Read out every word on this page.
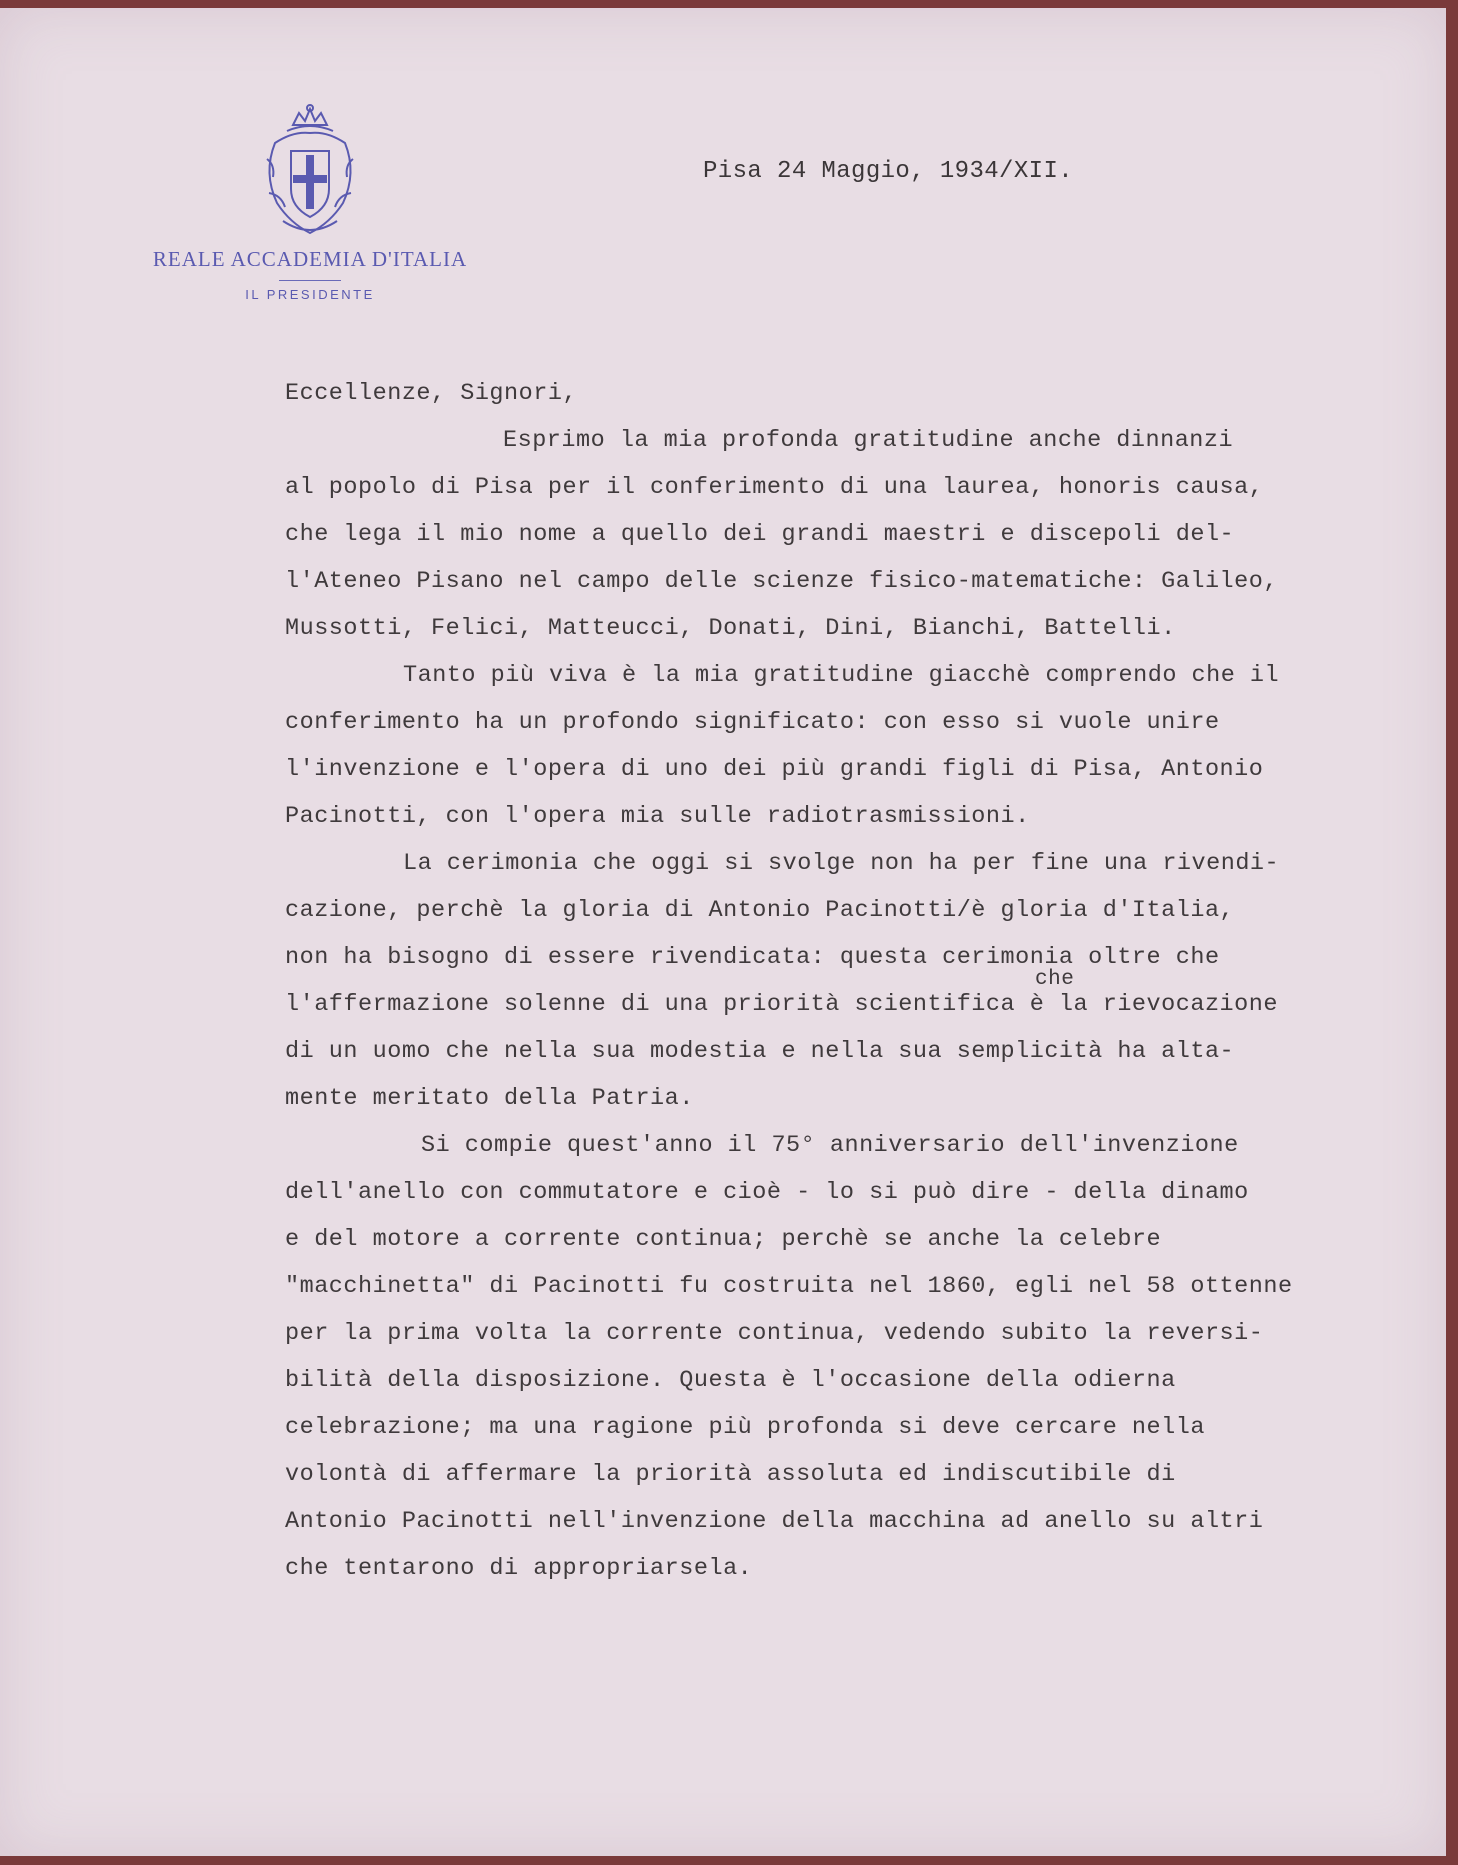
REALE ACCADEMIA D'ITALIA
IL PRESIDENTE
Pisa 24 Maggio, 1934/XII.
Eccellenze, Signori,
Esprimo la mia profonda gratitudine anche dinnanzi
al popolo di Pisa per il conferimento di una laurea, honoris causa,
che lega il mio nome a quello dei grandi maestri e discepoli del-
l'Ateneo Pisano nel campo delle scienze fisico-matematiche: Galileo,
Mussotti, Felici, Matteucci, Donati, Dini, Bianchi, Battelli.
Tanto più viva è la mia gratitudine giacchè comprendo che il
conferimento ha un profondo significato: con esso si vuole unire
l'invenzione e l'opera di uno dei più grandi figli di Pisa, Antonio
Pacinotti, con l'opera mia sulle radiotrasmissioni.
La cerimonia che oggi si svolge non ha per fine una rivendi-
che
cazione, perchè la gloria di Antonio Pacinotti/è gloria d'Italia,
non ha bisogno di essere rivendicata: questa cerimonia oltre che
l'affermazione solenne di una priorità scientifica è la rievocazione
di un uomo che nella sua modestia e nella sua semplicità ha alta-
mente meritato della Patria.
Si compie quest'anno il 75° anniversario dell'invenzione
dell'anello con commutatore e cioè - lo si può dire - della dinamo
e del motore a corrente continua; perchè se anche la celebre
"macchinetta" di Pacinotti fu costruita nel 1860, egli nel 58 ottenne
per la prima volta la corrente continua, vedendo subito la reversi-
bilità della disposizione. Questa è l'occasione della odierna
celebrazione; ma una ragione più profonda si deve cercare nella
volontà di affermare la priorità assoluta ed indiscutibile di
Antonio Pacinotti nell'invenzione della macchina ad anello su altri
che tentarono di appropriarsela.
